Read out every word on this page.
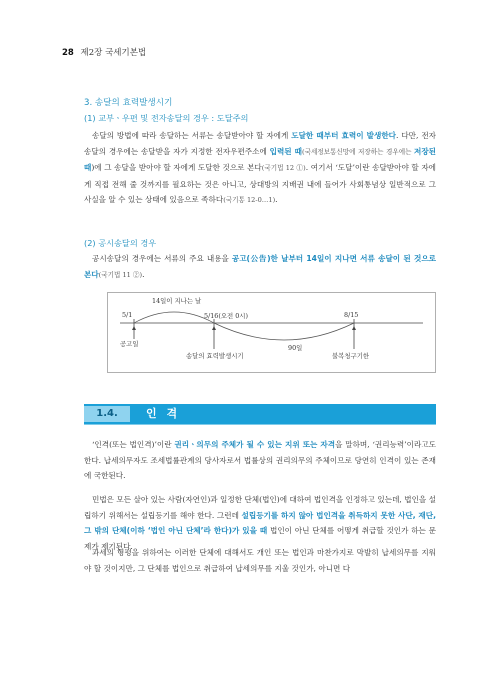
28 제2장 국세기본법
3. 송달의 효력발생시기
(1) 교부ㆍ우편 및 전자송달의 경우 : 도달주의

송달의 방법에 따라 송달하는 서류는 송달받아야 할 자에게 도달한 때부터 효력이 발생한다. 다만, 전자송달의 경우에는 송달받을 자가 지정한 전자우편주소에 입력된 때(국세정보통신망에 저장하는 경우에는 저장된 때)에 그 송달을 받아야 할 자에게 도달한 것으로 본다(국기법 12 ①). 여기서 ‘도달’이란 송달받아야 할 자에게 직접 전해 줄 것까지를 필요하는 것은 아니고, 상대방의 지배권 내에 들어가 사회통념상 일반적으로 그 사실을 알 수 있는 상태에 있음으로 족하다(국기통 12-0…1).

(2) 공시송달의 경우

공시송달의 경우에는 서류의 주요 내용을 공고(公告)한 날부터 14일이 지나면 서류 송달이 된 것으로 본다(국기법 11 ②).

14일이 지나는 날
5/1	5/16(오전 0시)	8/15
공고일
송달의 효력발생시기
90일
불복청구기한
1.4.	인 격

‘인격(또는 법인격)’이란 권리ㆍ의무의 주체가 될 수 있는 지위 또는 자격을 말하며, ‘권리능력’이라고도 한다. 납세의무자도 조세법률관계의 당사자로서 법률상의 권리의무의 주체이므로 당연히 인격이 있는 존재에 국한된다.

민법은 모든 살아 있는 사람(자연인)과 일정한 단체(법인)에 대하여 법인격을 인정하고 있는데, 법인을 설립하기 위해서는 설립등기를 해야 한다. 그런데 설립등기를 하지 않아 법인격을 취득하지 못한 사단, 재단, 그 밖의 단체(이하 ‘법인 아닌 단체’라 한다)가 있을 때 법인이 아닌 단체를 어떻게 취급할 것인가 하는 문제가 제기된다.

과세의 형평을 위하여는 이러한 단체에 대해서도 개인 또는 법인과 마찬가지로 막발히 납세의무를 지워야 할 것이지만, 그 단체를 법인으로 취급하여 납세의무를 지울 것인가, 아니면 다
